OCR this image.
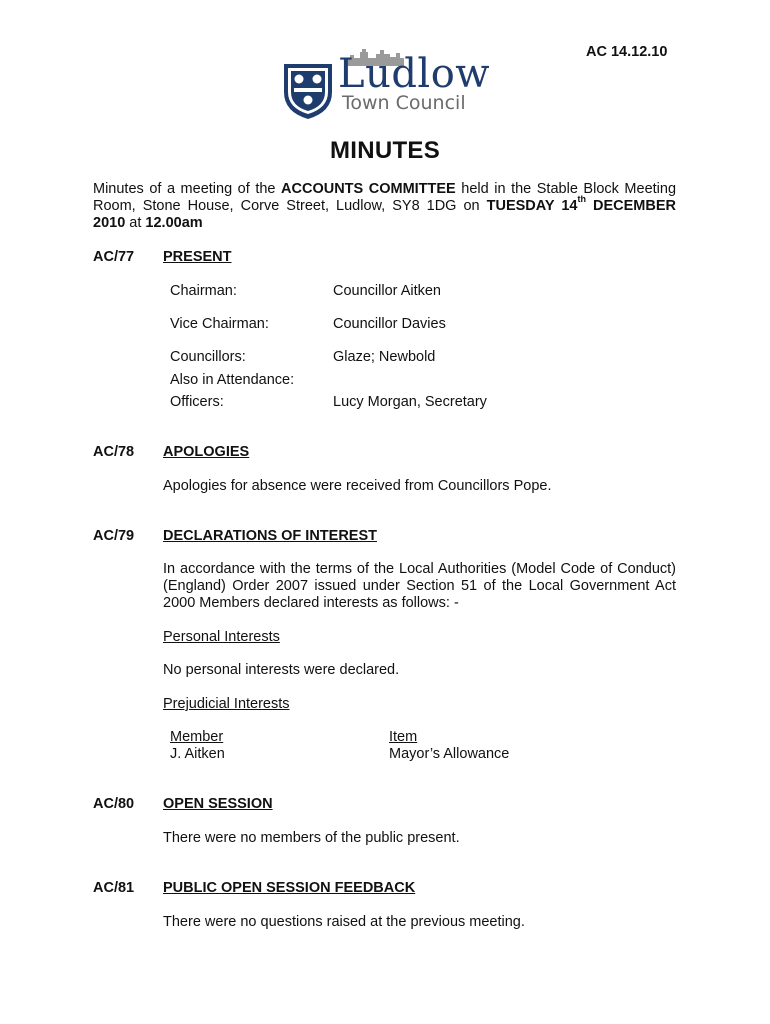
AC 14.12.10
Ludlow
Town Council
MINUTES
Minutes of a meeting of the ACCOUNTS COMMITTEE held in the Stable Block Meeting Room, Stone House, Corve Street, Ludlow, SY8 1DG on TUESDAY 14th DECEMBER 2010 at 12.00am
AC/77 PRESENT
Chairman:	Councillor Aitken
Vice Chairman:	Councillor Davies
Councillors:	Glaze; Newbold
Also in Attendance:
Officers:	Lucy Morgan, Secretary
AC/78 APOLOGIES
Apologies for absence were received from Councillors Pope.
AC/79 DECLARATIONS OF INTEREST
In accordance with the terms of the Local Authorities (Model Code of Conduct) (England) Order 2007 issued under Section 51 of the Local Government Act 2000 Members declared interests as follows: -
Personal Interests
No personal interests were declared.
Prejudicial Interests
Member	Item
J. Aitken	Mayor’s Allowance
AC/80 OPEN SESSION
There were no members of the public present.
AC/81 PUBLIC OPEN SESSION FEEDBACK
There were no questions raised at the previous meeting.
